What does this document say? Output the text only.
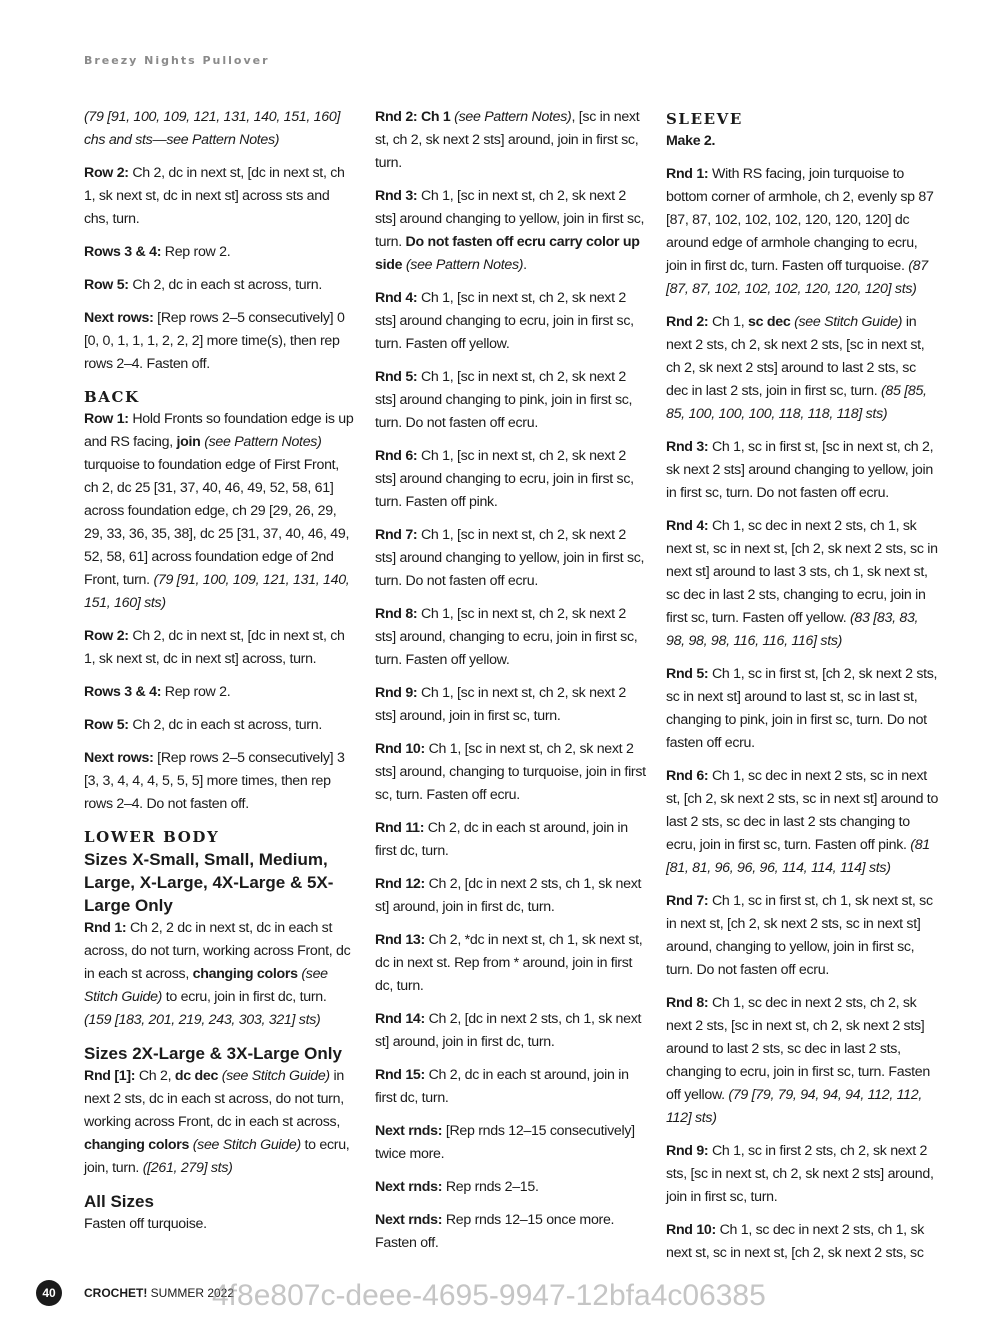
Breezy Nights Pullover

(79 [91, 100, 109, 121, 131, 140, 151, 160] chs and sts—see Pattern Notes)

Row 2: Ch 2, dc in next st, [dc in next st, ch 1, sk next st, dc in next st] across sts and chs, turn.

Rows 3 & 4: Rep row 2.

Row 5: Ch 2, dc in each st across, turn.

Next rows: [Rep rows 2–5 consecutively] 0 [0, 0, 1, 1, 1, 2, 2, 2] more time(s), then rep rows 2–4. Fasten off.

BACK

Row 1: Hold Fronts so foundation edge is up and RS facing, join (see Pattern Notes) turquoise to foundation edge of First Front, ch 2, dc 25 [31, 37, 40, 46, 49, 52, 58, 61] across foundation edge, ch 29 [29, 26, 29, 29, 33, 36, 35, 38], dc 25 [31, 37, 40, 46, 49, 52, 58, 61] across foundation edge of 2nd Front, turn. (79 [91, 100, 109, 121, 131, 140, 151, 160] sts)

Row 2: Ch 2, dc in next st, [dc in next st, ch 1, sk next st, dc in next st] across, turn.

Rows 3 & 4: Rep row 2.

Row 5: Ch 2, dc in each st across, turn.

Next rows: [Rep rows 2–5 consecutively] 3 [3, 3, 4, 4, 4, 5, 5, 5] more times, then rep rows 2–4. Do not fasten off.

LOWER BODY
Sizes X-Small, Small, Medium, Large, X-Large, 4X-Large & 5X-Large Only

Rnd 1: Ch 2, 2 dc in next st, dc in each st across, do not turn, working across Front, dc in each st across, changing colors (see Stitch Guide) to ecru, join in first dc, turn. (159 [183, 201, 219, 243, 303, 321] sts)

Sizes 2X-Large & 3X-Large Only

Rnd [1]: Ch 2, dc dec (see Stitch Guide) in next 2 sts, dc in each st across, do not turn, working across Front, dc in each st across, changing colors (see Stitch Guide) to ecru, join, turn. ([261, 279] sts)

All Sizes

Fasten off turquoise.

Rnd 2: Ch 1 (see Pattern Notes), [sc in next st, ch 2, sk next 2 sts] around, join in first sc, turn.

Rnd 3: Ch 1, [sc in next st, ch 2, sk next 2 sts] around changing to yellow, join in first sc, turn. Do not fasten off ecru carry color up side (see Pattern Notes).

Rnd 4: Ch 1, [sc in next st, ch 2, sk next 2 sts] around changing to ecru, join in first sc, turn. Fasten off yellow.

Rnd 5: Ch 1, [sc in next st, ch 2, sk next 2 sts] around changing to pink, join in first sc, turn. Do not fasten off ecru.

Rnd 6: Ch 1, [sc in next st, ch 2, sk next 2 sts] around changing to ecru, join in first sc, turn. Fasten off pink.

Rnd 7: Ch 1, [sc in next st, ch 2, sk next 2 sts] around changing to yellow, join in first sc, turn. Do not fasten off ecru.

Rnd 8: Ch 1, [sc in next st, ch 2, sk next 2 sts] around, changing to ecru, join in first sc, turn. Fasten off yellow.

Rnd 9: Ch 1, [sc in next st, ch 2, sk next 2 sts] around, join in first sc, turn.

Rnd 10: Ch 1, [sc in next st, ch 2, sk next 2 sts] around, changing to turquoise, join in first sc, turn. Fasten off ecru.

Rnd 11: Ch 2, dc in each st around, join in first dc, turn.

Rnd 12: Ch 2, [dc in next 2 sts, ch 1, sk next st] around, join in first dc, turn.

Rnd 13: Ch 2, *dc in next st, ch 1, sk next st, dc in next st. Rep from * around, join in first dc, turn.

Rnd 14: Ch 2, [dc in next 2 sts, ch 1, sk next st] around, join in first dc, turn.

Rnd 15: Ch 2, dc in each st around, join in first dc, turn.

Next rnds: [Rep rnds 12–15 consecutively] twice more.

Next rnds: Rep rnds 2–15.

Next rnds: Rep rnds 12–15 once more. Fasten off.

SLEEVE
Make 2.

Rnd 1: With RS facing, join turquoise to bottom corner of armhole, ch 2, evenly sp 87 [87, 87, 102, 102, 102, 120, 120, 120] dc around edge of armhole changing to ecru, join in first dc, turn. Fasten off turquoise. (87 [87, 87, 102, 102, 102, 120, 120, 120] sts)

Rnd 2: Ch 1, sc dec (see Stitch Guide) in next 2 sts, ch 2, sk next 2 sts, [sc in next st, ch 2, sk next 2 sts] around to last 2 sts, sc dec in last 2 sts, join in first sc, turn. (85 [85, 85, 100, 100, 100, 118, 118, 118] sts)

Rnd 3: Ch 1, sc in first st, [sc in next st, ch 2, sk next 2 sts] around changing to yellow, join in first sc, turn. Do not fasten off ecru.

Rnd 4: Ch 1, sc dec in next 2 sts, ch 1, sk next st, sc in next st, [ch 2, sk next 2 sts, sc in next st] around to last 3 sts, ch 1, sk next st, sc dec in last 2 sts, changing to ecru, join in first sc, turn. Fasten off yellow. (83 [83, 83, 98, 98, 98, 116, 116, 116] sts)

Rnd 5: Ch 1, sc in first st, [ch 2, sk next 2 sts, sc in next st] around to last st, sc in last st, changing to pink, join in first sc, turn. Do not fasten off ecru.

Rnd 6: Ch 1, sc dec in next 2 sts, sc in next st, [ch 2, sk next 2 sts, sc in next st] around to last 2 sts, sc dec in last 2 sts changing to ecru, join in first sc, turn. Fasten off pink. (81 [81, 81, 96, 96, 96, 114, 114, 114] sts)

Rnd 7: Ch 1, sc in first st, ch 1, sk next st, sc in next st, [ch 2, sk next 2 sts, sc in next st] around, changing to yellow, join in first sc, turn. Do not fasten off ecru.

Rnd 8: Ch 1, sc dec in next 2 sts, ch 2, sk next 2 sts, [sc in next st, ch 2, sk next 2 sts] around to last 2 sts, sc dec in last 2 sts, changing to ecru, join in first sc, turn. Fasten off yellow. (79 [79, 79, 94, 94, 94, 112, 112, 112] sts)

Rnd 9: Ch 1, sc in first 2 sts, ch 2, sk next 2 sts, [sc in next st, ch 2, sk next 2 sts] around, join in first sc, turn.

Rnd 10: Ch 1, sc dec in next 2 sts, ch 1, sk next st, sc in next st, [ch 2, sk next 2 sts, sc

40	CROCHET! SUMMER 2022
4f8e807c-deee-4695-9947-12bfa4c06385
